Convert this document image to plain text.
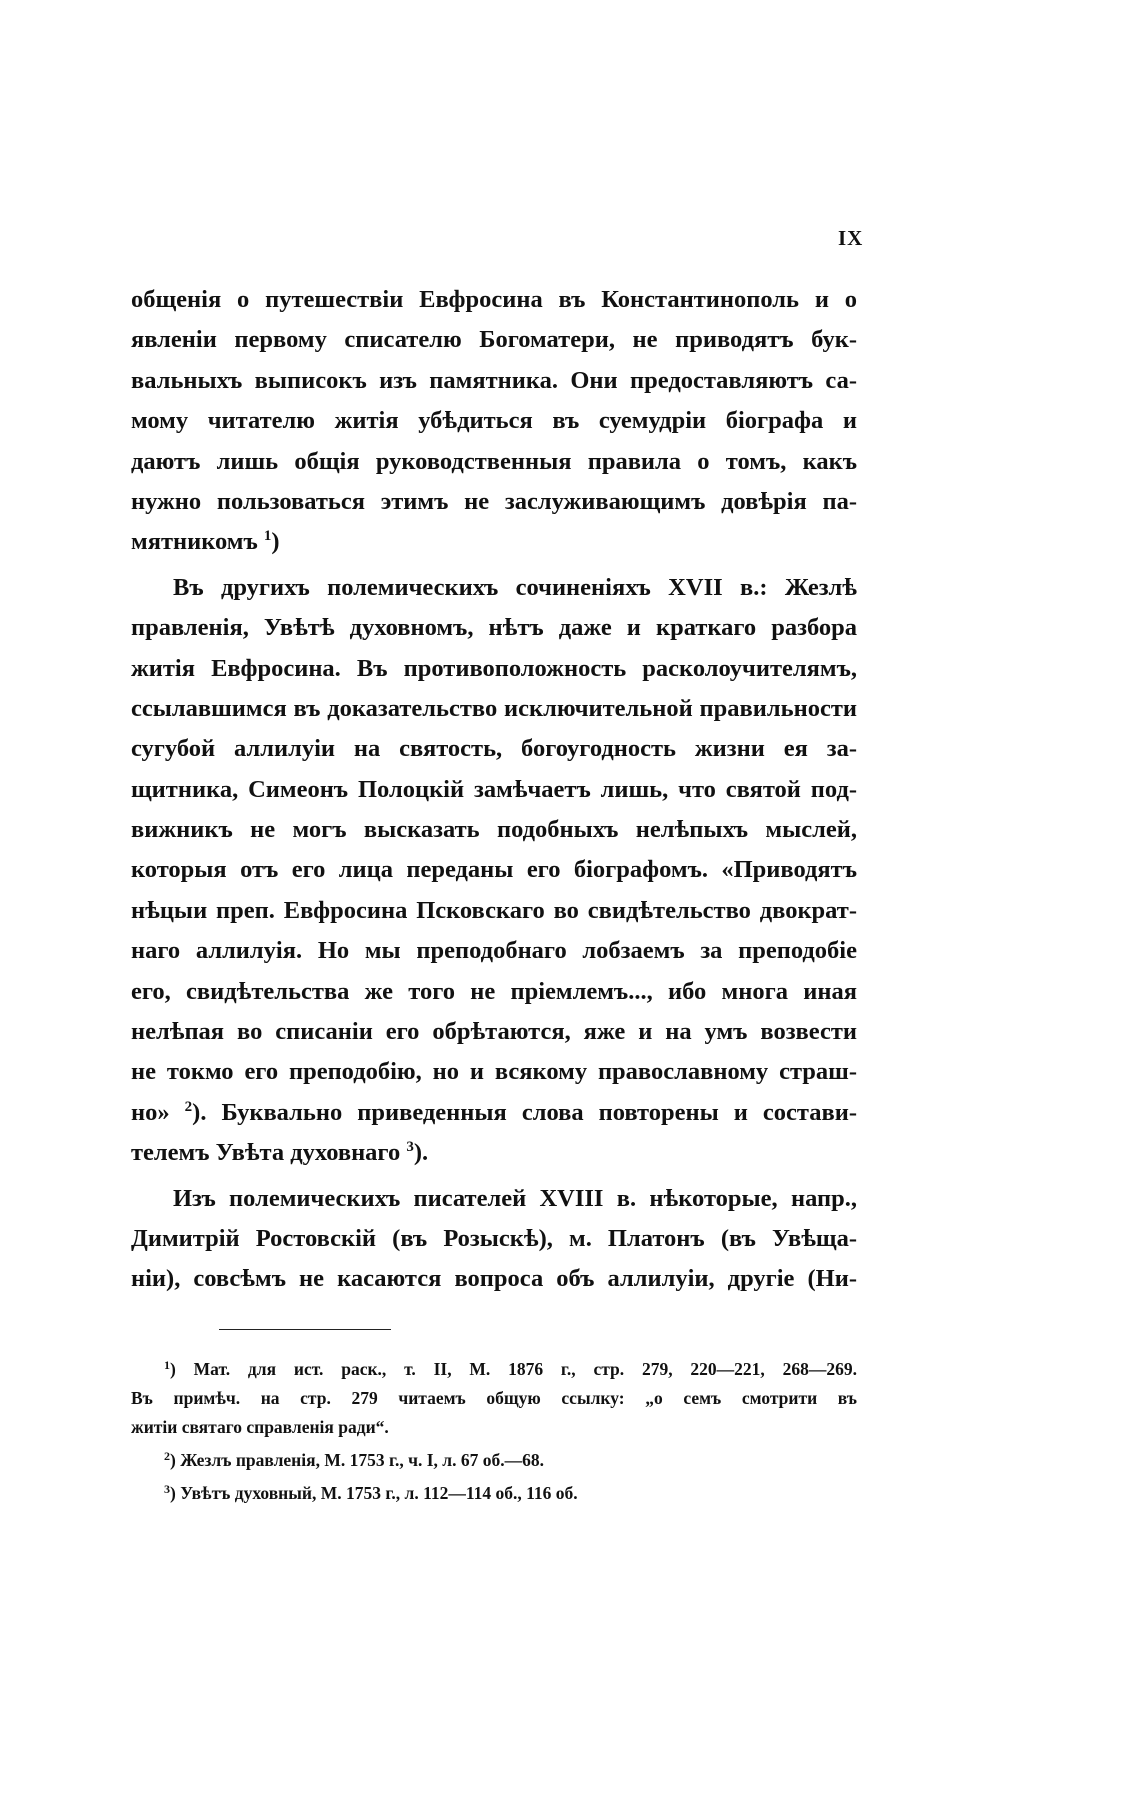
IX
общенія о путешествіи Евфросина въ Константинополь и о
явленіи первому списателю Богоматери, не приводятъ бук-
вальныхъ выписокъ изъ памятника. Они предоставляютъ са-
мому читателю житія убѣдиться въ суемудріи біографа и
даютъ лишь общія руководственныя правила о томъ, какъ
нужно пользоваться этимъ не заслуживающимъ довѣрія па-
мятникомъ $^1$)
Въ другихъ полемическихъ сочиненіяхъ XVII в.: Жезлѣ
правленія, Увѣтѣ духовномъ, нѣтъ даже и краткаго разбора
житія Евфросина. Въ противоположность расколоучителямъ,
ссылавшимся въ доказательство исключительной правильности
сугубой аллилуіи на святость, богоугодность жизни ея за-
щитника, Симеонъ Полоцкій замѣчаетъ лишь, что святой под-
вижникъ не могъ высказать подобныхъ нелѣпыхъ мыслей,
которыя отъ его лица переданы его біографомъ. «Приводятъ
нѣцыи преп. Евфросина Псковскаго во свидѣтельство двократ-
наго аллилуія. Но мы преподобнаго лобзаемъ за преподобіе
его, свидѣтельства же того не пріемлемъ..., ибо многа иная
нелѣпая во списаніи его обрѣтаются, яже и на умъ возвести
не токмо его преподобію, но и всякому православному страш-
но» $^2$). Буквально приведенныя слова повторены и состави-
телемъ Увѣта духовнаго $^3$).
Изъ полемическихъ писателей XVIII в. нѣкоторые, напр.,
Димитрій Ростовскій (въ Розыскѣ), м. Платонъ (въ Увѣща-
ніи), совсѣмъ не касаются вопроса объ аллилуіи, другіе (Ни-
$^1$) Мат. для ист. раск., т. II, М. 1876 г., стр. 279, 220—221, 268—269.
Въ примѣч. на стр. 279 читаемъ общую ссылку: „о семъ смотрити въ
житіи святаго справленія ради“.
$^2$) Жезлъ правленія, М. 1753 г., ч. I, л. 67 об.—68.
$^3$) Увѣтъ духовный, М. 1753 г., л. 112—114 об., 116 об.
